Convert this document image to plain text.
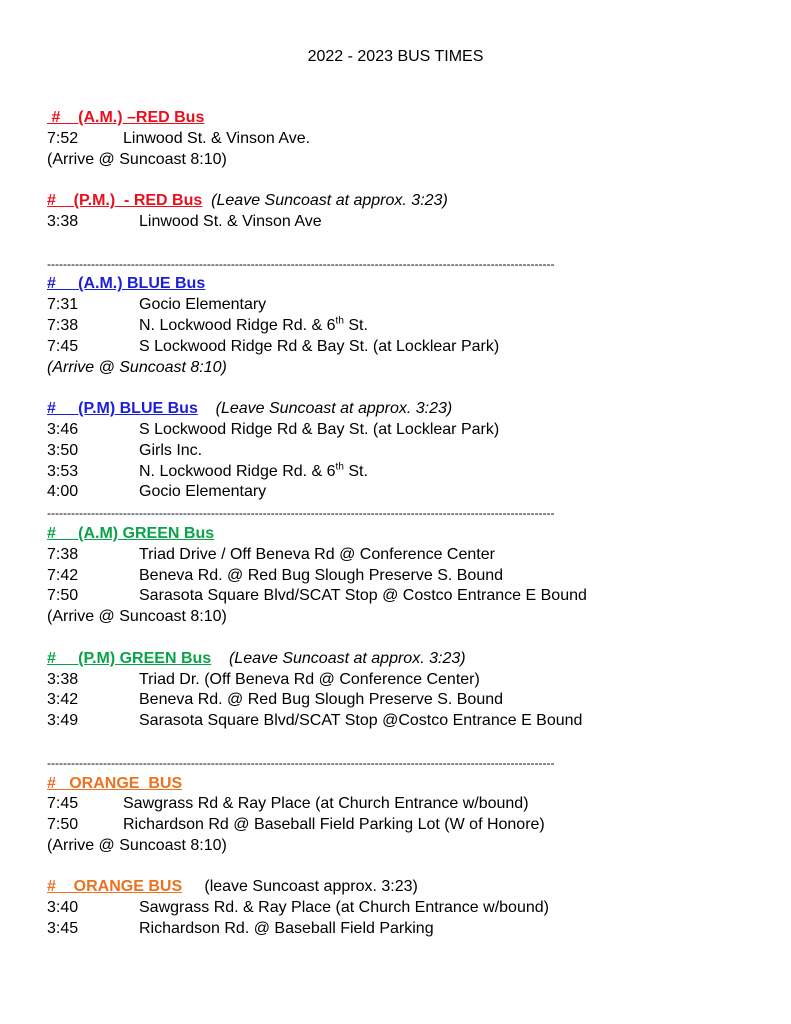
2022 - 2023 BUS TIMES
#    (A.M.) –RED Bus
7:52	Linwood St. & Vinson Ave.
(Arrive @ Suncoast 8:10)
#    (P.M.)  - RED Bus (Leave Suncoast at approx. 3:23)
3:38	Linwood St. & Vinson Ave
-------------------------------------------------------------------------------------------------------------------------------
#     (A.M.) BLUE Bus
7:31	Gocio Elementary
7:38	N. Lockwood Ridge Rd. & 6th St.
7:45	S Lockwood Ridge Rd & Bay St. (at Locklear Park)
(Arrive @ Suncoast 8:10)
#     (P.M) BLUE Bus (Leave Suncoast at approx. 3:23)
3:46	S Lockwood Ridge Rd & Bay St. (at Locklear Park)
3:50	Girls Inc.
3:53	N. Lockwood Ridge Rd. & 6th St.
4:00	Gocio Elementary
-------------------------------------------------------------------------------------------------------------------------------
#     (A.M) GREEN Bus
7:38	Triad Drive / Off Beneva Rd @ Conference Center
7:42	Beneva Rd. @ Red Bug Slough Preserve S. Bound
7:50	Sarasota Square Blvd/SCAT Stop @ Costco Entrance E Bound
(Arrive @ Suncoast 8:10)
#     (P.M) GREEN Bus (Leave Suncoast at approx. 3:23)
3:38	Triad Dr. (Off Beneva Rd @ Conference Center)
3:42	Beneva Rd. @ Red Bug Slough Preserve S. Bound
3:49	Sarasota Square Blvd/SCAT Stop @Costco Entrance E Bound
-------------------------------------------------------------------------------------------------------------------------------
#   ORANGE  BUS
7:45	Sawgrass Rd & Ray Place (at Church Entrance w/bound)
7:50	Richardson Rd @ Baseball Field Parking Lot (W of Honore)
(Arrive @ Suncoast 8:10)
#    ORANGE BUS (leave Suncoast approx. 3:23)
3:40	Sawgrass Rd. & Ray Place (at Church Entrance w/bound)
3:45	Richardson Rd. @ Baseball Field Parking
